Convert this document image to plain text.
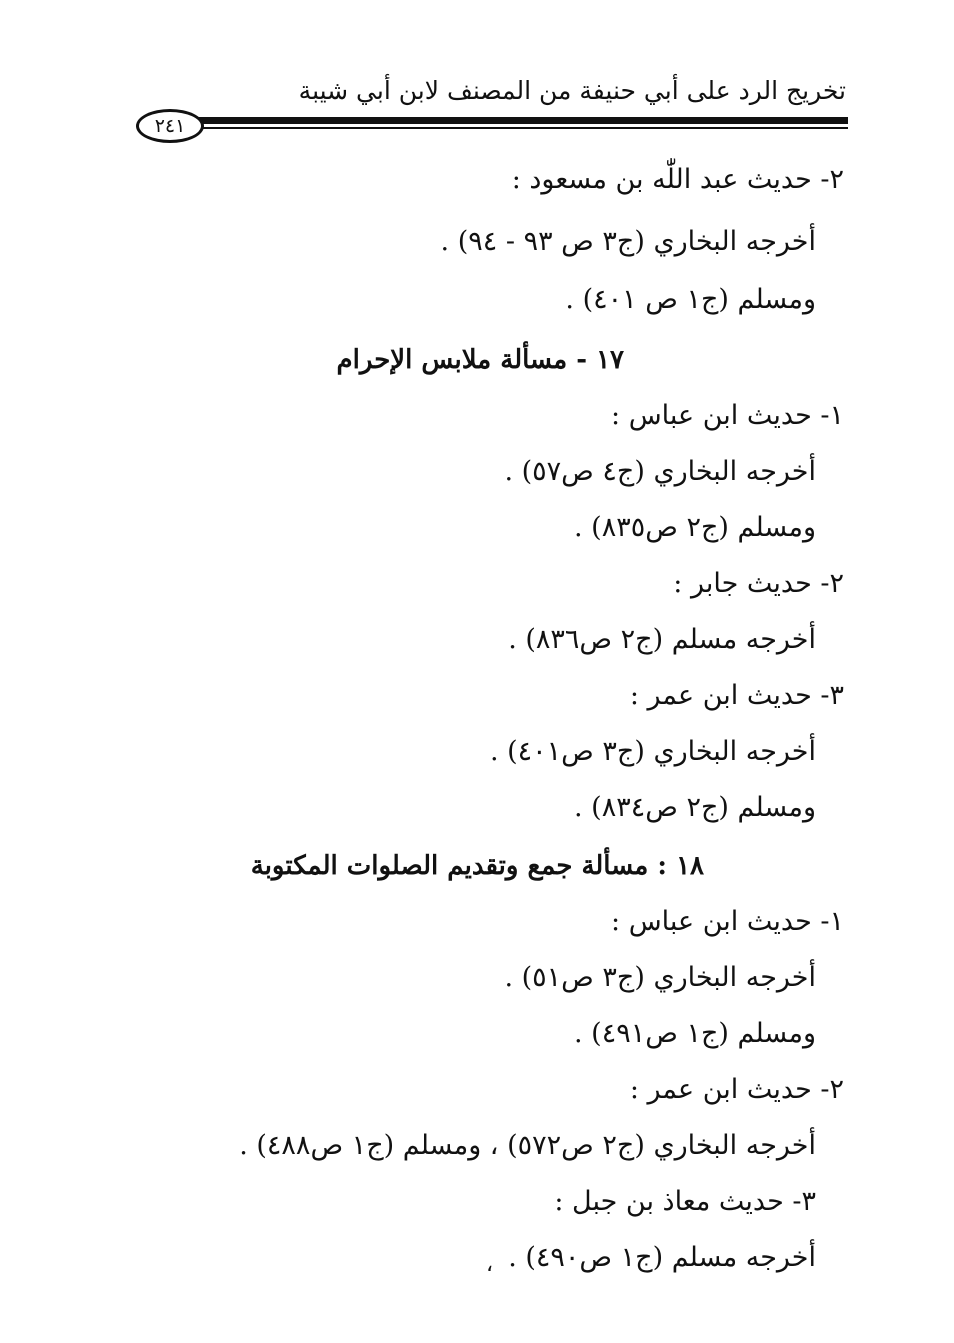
تخريج الرد على أبي حنيفة من المصنف لابن أبي شيبة
٢٤١
٢- حديث عبد اللّٰه بن مسعود :
أخرجه البخاري (ج٣ ص ٩٣ - ٩٤) .
ومسلم (ج١ ص ٤٠١) .
١٧ - مسألة ملابس الإحرام
١- حديث ابن عباس :
أخرجه البخاري (ج٤ ص٥٧) .
ومسلم (ج٢ ص٨٣٥) .
٢- حديث جابر :
أخرجه مسلم (ج٢ ص٨٣٦) .
٣- حديث ابن عمر :
أخرجه البخاري (ج٣ ص٤٠١) .
ومسلم (ج٢ ص٨٣٤) .
١٨ : مسألة جمع وتقديم الصلوات المكتوبة
١- حديث ابن عباس :
أخرجه البخاري (ج٣ ص٥١) .
ومسلم (ج١ ص٤٩١) .
٢- حديث ابن عمر :
أخرجه البخاري (ج٢ ص٥٧٢) ، ومسلم (ج١ ص٤٨٨) .
٣- حديث معاذ بن جبل :
أخرجه مسلم (ج١ ص٤٩٠) .
،
